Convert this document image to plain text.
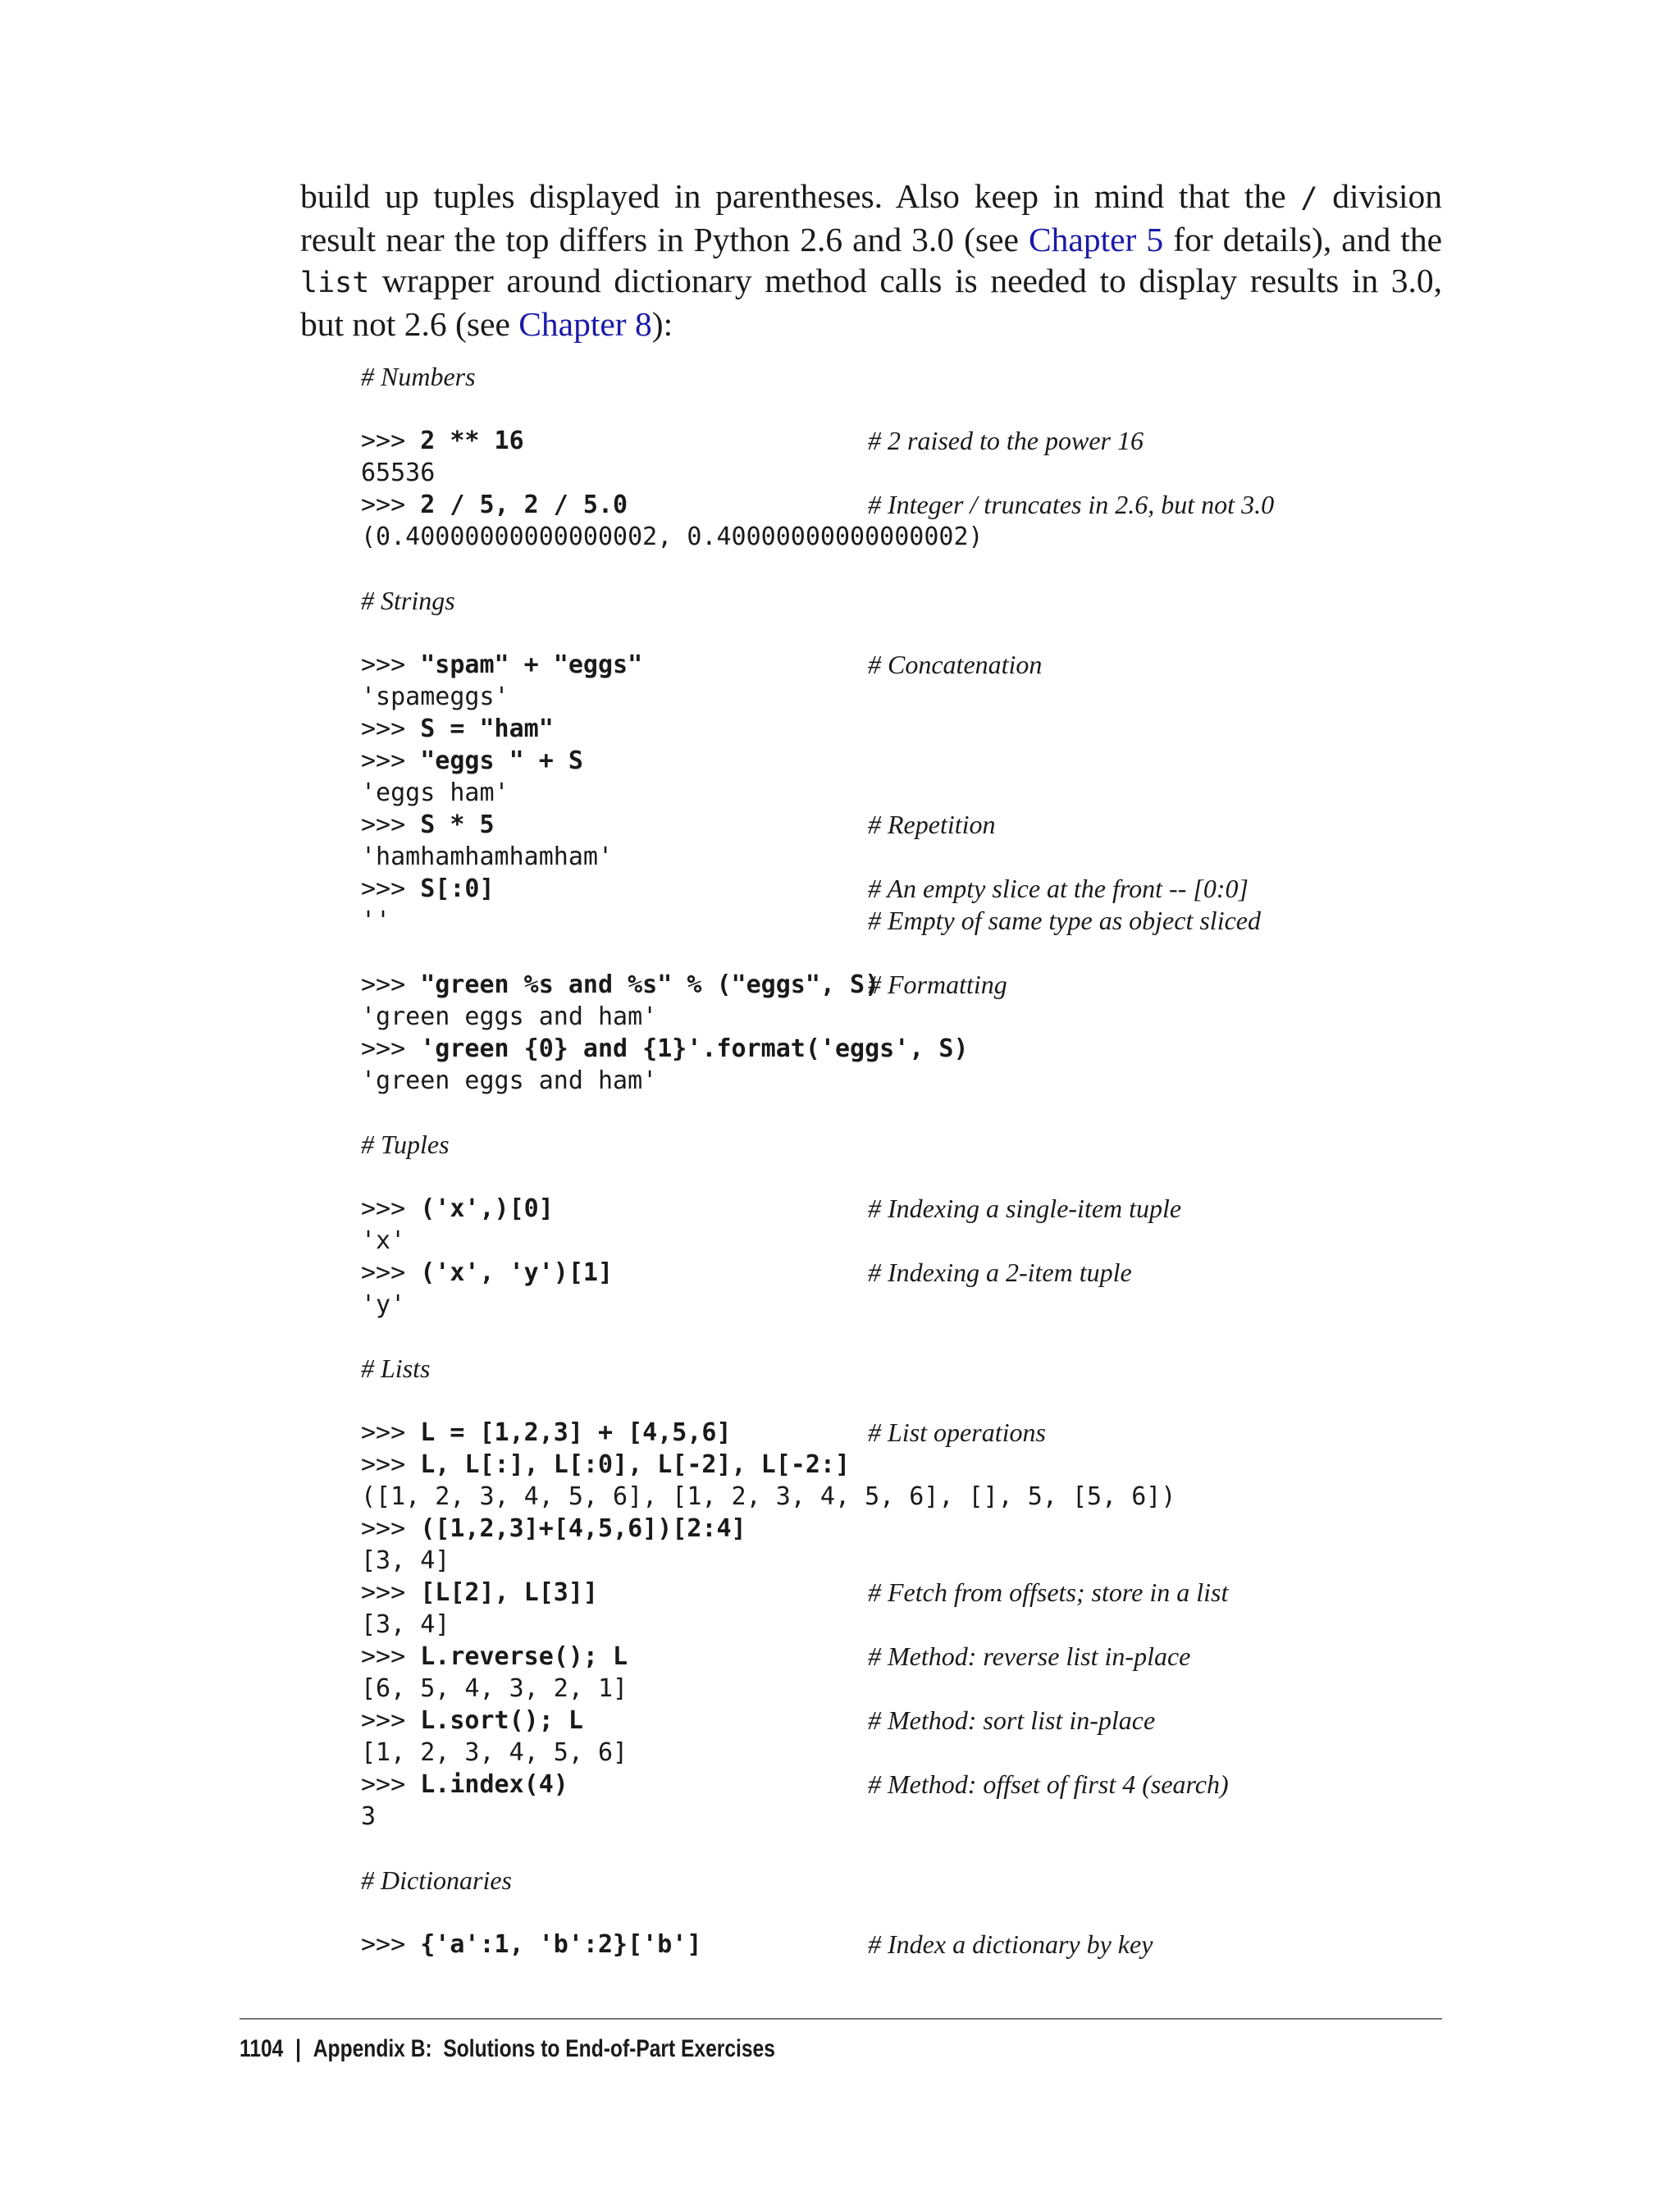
build up tuples displayed in parentheses. Also keep in mind that the / division result near the top differs in Python 2.6 and 3.0 (see Chapter 5 for details), and the list wrapper around dictionary method calls is needed to display results in 3.0, but not 2.6 (see Chapter 8):
# Numbers
>>> 2 ** 16	# 2 raised to the power 16
65536
>>> 2 / 5, 2 / 5.0	# Integer / truncates in 2.6, but not 3.0
(0.40000000000000002, 0.40000000000000002)
# Strings
>>> "spam" + "eggs"	# Concatenation
'spameggs'
>>> S = "ham"
>>> "eggs " + S
'eggs ham'
>>> S * 5	# Repetition
'hamhamhamhamham'
>>> S[:0]	# An empty slice at the front -- [0:0]
''	# Empty of same type as object sliced
>>> "green %s and %s" % ("eggs", S)
# Formatting
'green eggs and ham'
>>> 'green {0} and {1}'.format('eggs', S)
'green eggs and ham'
# Tuples
>>> ('x',)[0]	# Indexing a single-item tuple
'x'
>>> ('x', 'y')[1]	# Indexing a 2-item tuple
'y'
# Lists
>>> L = [1,2,3] + [4,5,6]	# List operations
>>> L, L[:], L[:0], L[-2], L[-2:]
([1, 2, 3, 4, 5, 6], [1, 2, 3, 4, 5, 6], [], 5, [5, 6])
>>> ([1,2,3]+[4,5,6])[2:4]
[3, 4]
>>> [L[2], L[3]]	# Fetch from offsets; store in a list
[3, 4]
>>> L.reverse(); L	# Method: reverse list in-place
[6, 5, 4, 3, 2, 1]
>>> L.sort(); L	# Method: sort list in-place
[1, 2, 3, 4, 5, 6]
>>> L.index(4)	# Method: offset of first 4 (search)
3
# Dictionaries
>>> {'a':1, 'b':2}['b']	# Index a dictionary by key
1104 | Appendix B:  Solutions to End-of-Part Exercises
